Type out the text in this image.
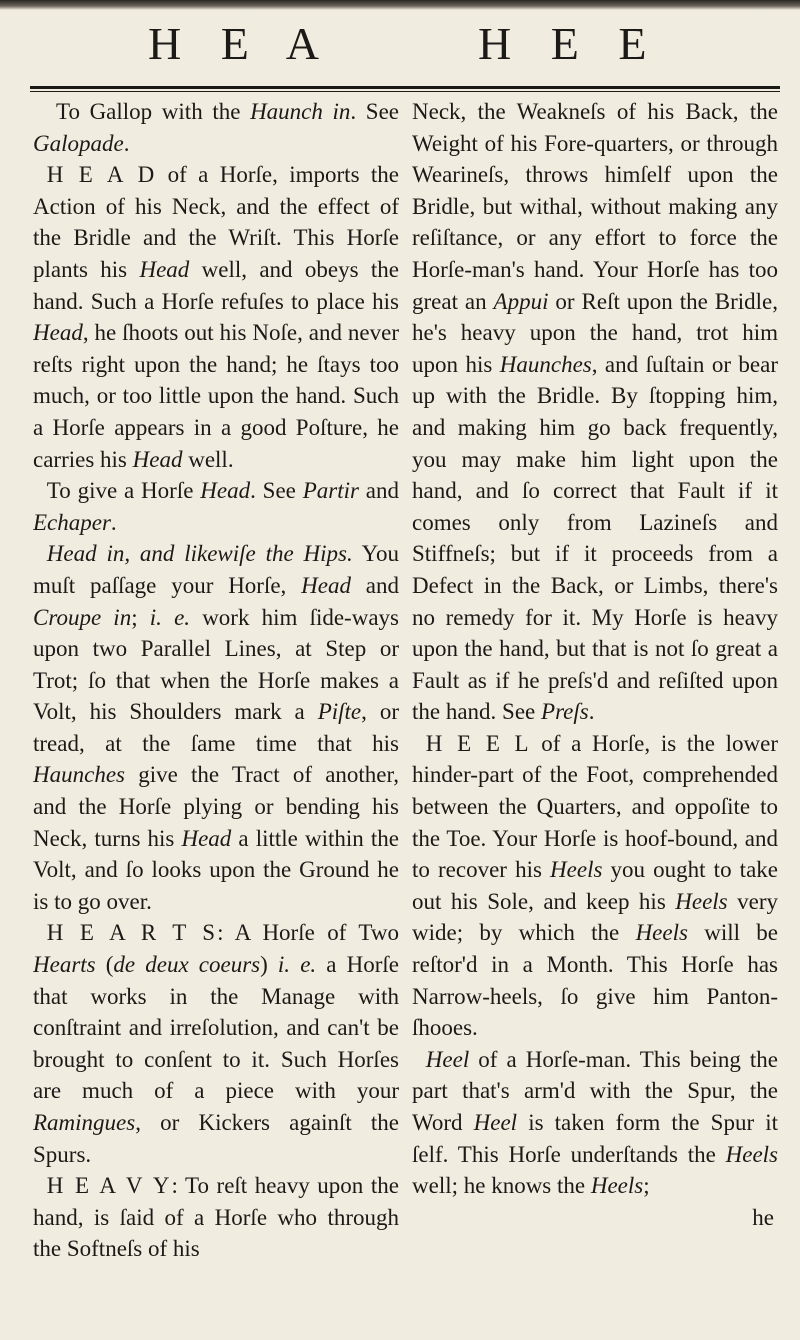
H E A	H E E

To Gallop with the Haunch in. See Galopade.

H E A D of a Horſe, imports the Action of his Neck, and the effect of the Bridle and the Wriſt. This Horſe plants his Head well, and obeys the hand. Such a Horſe refuſes to place his Head, he ſhoots out his Noſe, and never reſts right upon the hand; he ſtays too much, or too little upon the hand. Such a Horſe appears in a good Poſture, he carries his Head well.

To give a Horſe Head. See Partir and Echaper.

Head in, and likewiſe the Hips. You muſt paſſage your Horſe, Head and Croupe in; i. e. work him ſide-ways upon two Parallel Lines, at Step or Trot; ſo that when the Horſe makes a Volt, his Shoulders mark a Piſte, or tread, at the ſame time that his Haunches give the Tract of another, and the Horſe plying or bending his Neck, turns his Head a little within the Volt, and ſo looks upon the Ground he is to go over.

H E A R T S: A Horſe of Two Hearts (de deux coeurs) i. e. a Horſe that works in the Manage with conſtraint and irreſolution, and can't be brought to conſent to it. Such Horſes are much of a piece with your Ramingues, or Kickers againſt the Spurs.

H E A V Y: To reſt heavy upon the hand, is ſaid of a Horſe who through the Softneſs of his

Neck, the Weakneſs of his Back, the Weight of his Fore-quarters, or through Wearineſs, throws himſelf upon the Bridle, but withal, without making any reſiſtance, or any effort to force the Horſe-man's hand. Your Horſe has too great an Appui or Reſt upon the Bridle, he's heavy upon the hand, trot him upon his Haunches, and ſuſtain or bear up with the Bridle. By ſtopping him, and making him go back frequently, you may make him light upon the hand, and ſo correct that Fault if it comes only from Lazineſs and Stiffneſs; but if it proceeds from a Defect in the Back, or Limbs, there's no remedy for it. My Horſe is heavy upon the hand, but that is not ſo great a Fault as if he preſs'd and reſiſted upon the hand. See Preſs.

H E E L of a Horſe, is the lower hinder-part of the Foot, comprehended between the Quarters, and oppoſite to the Toe. Your Horſe is hoof-bound, and to recover his Heels you ought to take out his Sole, and keep his Heels very wide; by which the Heels will be reſtor'd in a Month. This Horſe has Narrow-heels, ſo give him Panton-ſhooes.

Heel of a Horſe-man. This being the part that's arm'd with the Spur, the Word Heel is taken form the Spur it ſelf. This Horſe underſtands the Heels well; he knows the Heels;

he
